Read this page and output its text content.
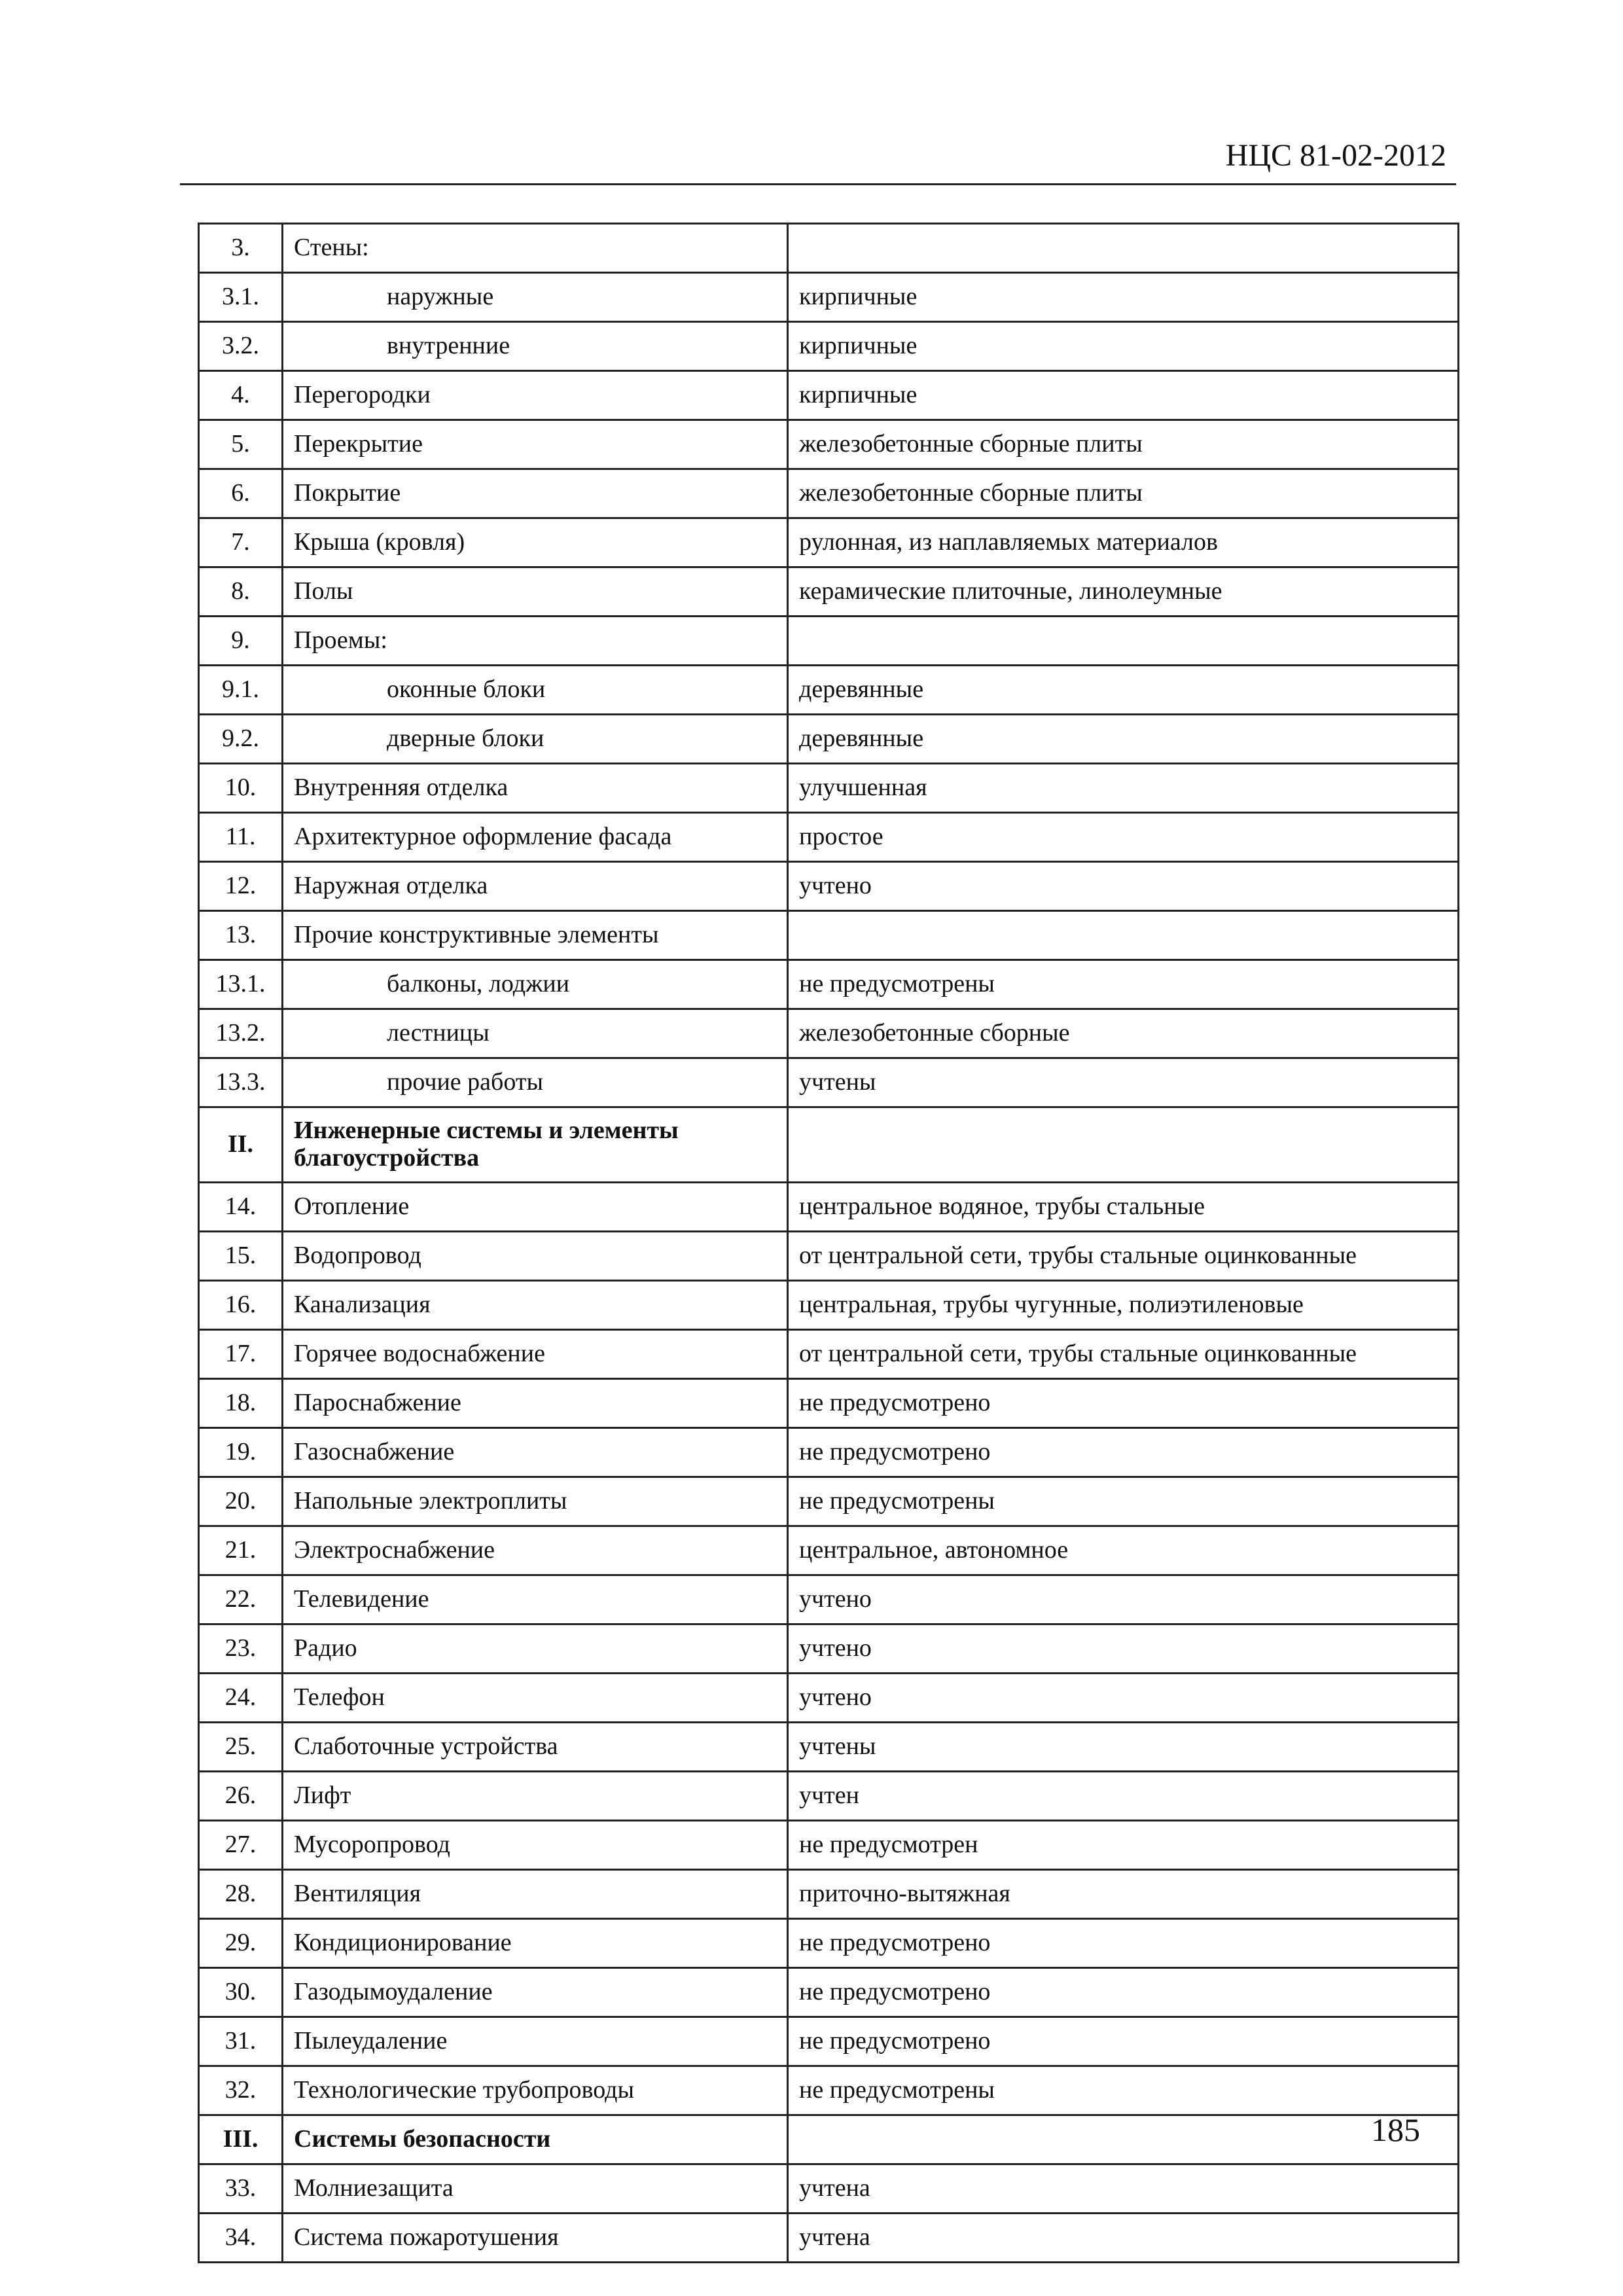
НЦС 81-02-2012
3.	Стены:	
3.1.	наружные	кирпичные
3.2.	внутренние	кирпичные
4.	Перегородки	кирпичные
5.	Перекрытие	железобетонные сборные плиты
6.	Покрытие	железобетонные сборные плиты
7.	Крыша (кровля)	рулонная, из наплавляемых материалов
8.	Полы	керамические плиточные, линолеумные
9.	Проемы:	
9.1.	оконные блоки	деревянные
9.2.	дверные блоки	деревянные
10.	Внутренняя отделка	улучшенная
11.	Архитектурное оформление фасада	простое
12.	Наружная отделка	учтено
13.	Прочие конструктивные элементы	
13.1.	балконы, лоджии	не предусмотрены
13.2.	лестницы	железобетонные сборные
13.3.	прочие работы	учтены
II.	Инженерные системы и элементы благоустройства	
14.	Отопление	центральное водяное, трубы стальные
15.	Водопровод	от центральной сети, трубы стальные оцинкованные
16.	Канализация	центральная, трубы чугунные, полиэтиленовые
17.	Горячее водоснабжение	от центральной сети, трубы стальные оцинкованные
18.	Пароснабжение	не предусмотрено
19.	Газоснабжение	не предусмотрено
20.	Напольные электроплиты	не предусмотрены
21.	Электроснабжение	центральное, автономное
22.	Телевидение	учтено
23.	Радио	учтено
24.	Телефон	учтено
25.	Слаботочные устройства	учтены
26.	Лифт	учтен
27.	Мусоропровод	не предусмотрен
28.	Вентиляция	приточно-вытяжная
29.	Кондиционирование	не предусмотрено
30.	Газодымоудаление	не предусмотрено
31.	Пылеудаление	не предусмотрено
32.	Технологические трубопроводы	не предусмотрены
III.	Системы безопасности	
33.	Молниезащита	учтена
34.	Система пожаротушения	учтена
185
